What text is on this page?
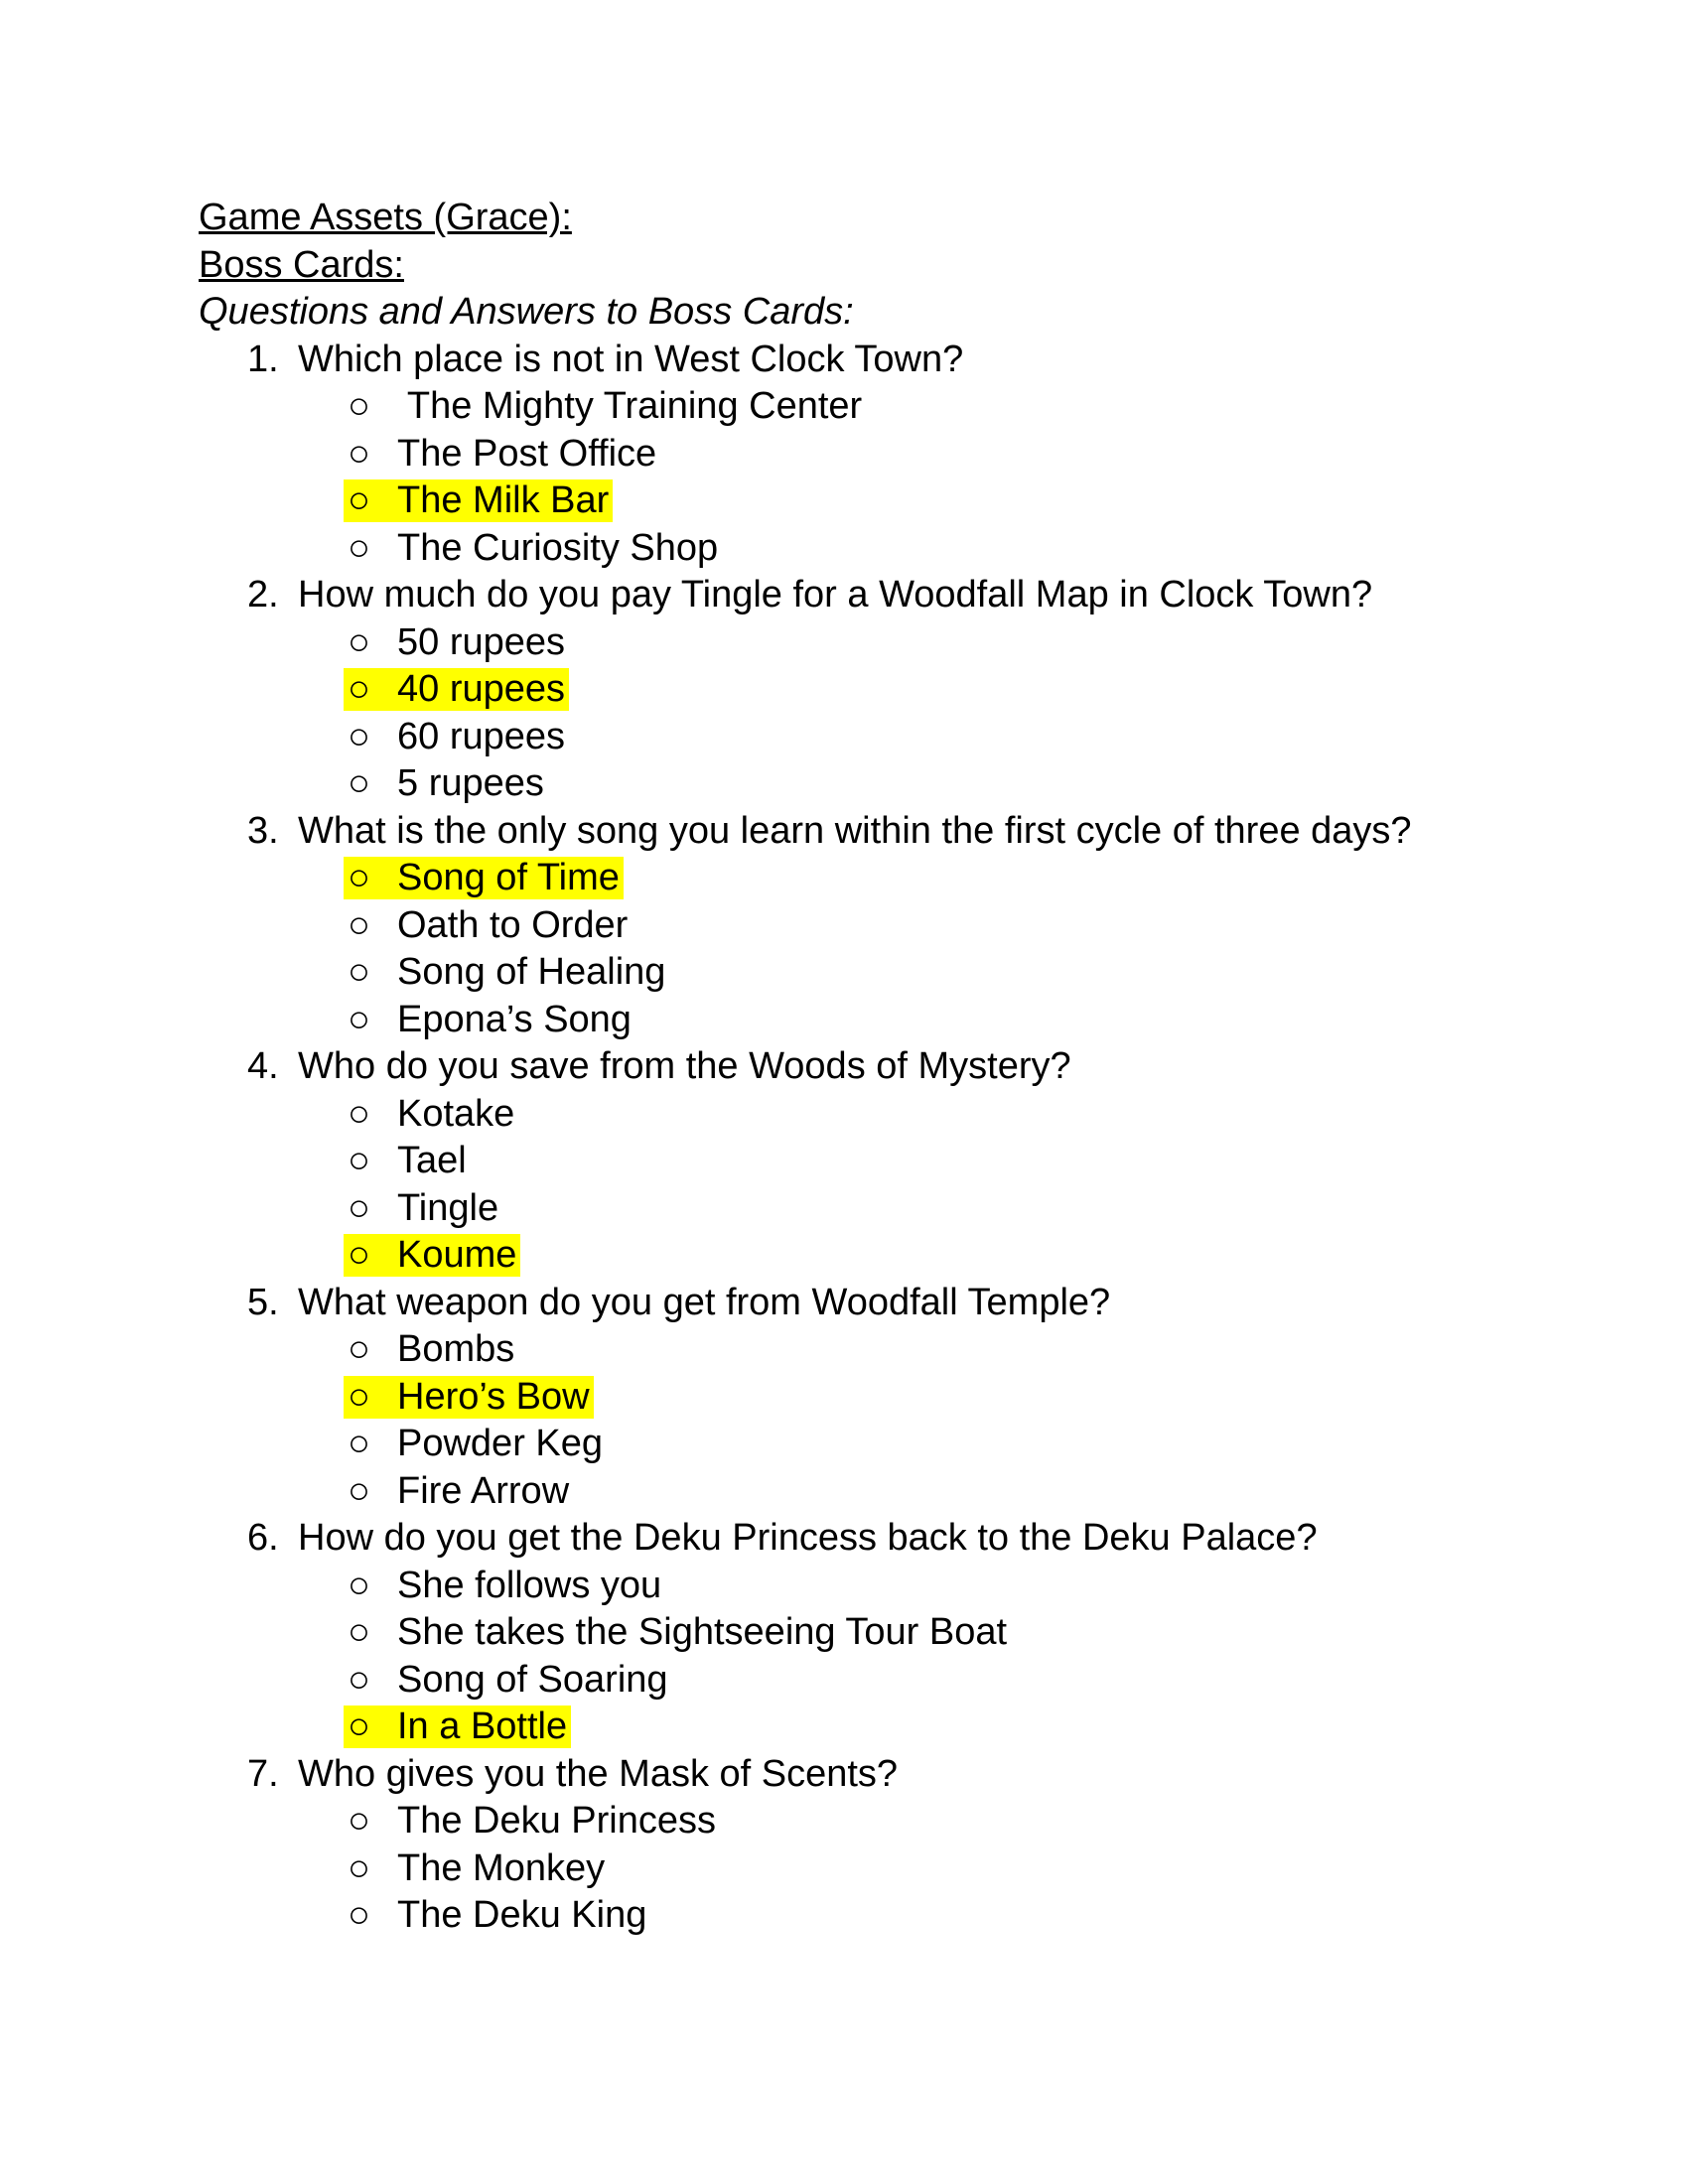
Game Assets (Grace):
Boss Cards:
Questions and Answers to Boss Cards:
1. Which place is not in West Clock Town?
○ The Mighty Training Center
○ The Post Office
○ The Milk Bar
○ The Curiosity Shop
2. How much do you pay Tingle for a Woodfall Map in Clock Town?
○ 50 rupees
○ 40 rupees
○ 60 rupees
○ 5 rupees
3. What is the only song you learn within the first cycle of three days?
○ Song of Time
○ Oath to Order
○ Song of Healing
○ Epona’s Song
4. Who do you save from the Woods of Mystery?
○ Kotake
○ Tael
○ Tingle
○ Koume
5. What weapon do you get from Woodfall Temple?
○ Bombs
○ Hero’s Bow
○ Powder Keg
○ Fire Arrow
6. How do you get the Deku Princess back to the Deku Palace?
○ She follows you
○ She takes the Sightseeing Tour Boat
○ Song of Soaring
○ In a Bottle
7. Who gives you the Mask of Scents?
○ The Deku Princess
○ The Monkey
○ The Deku King
